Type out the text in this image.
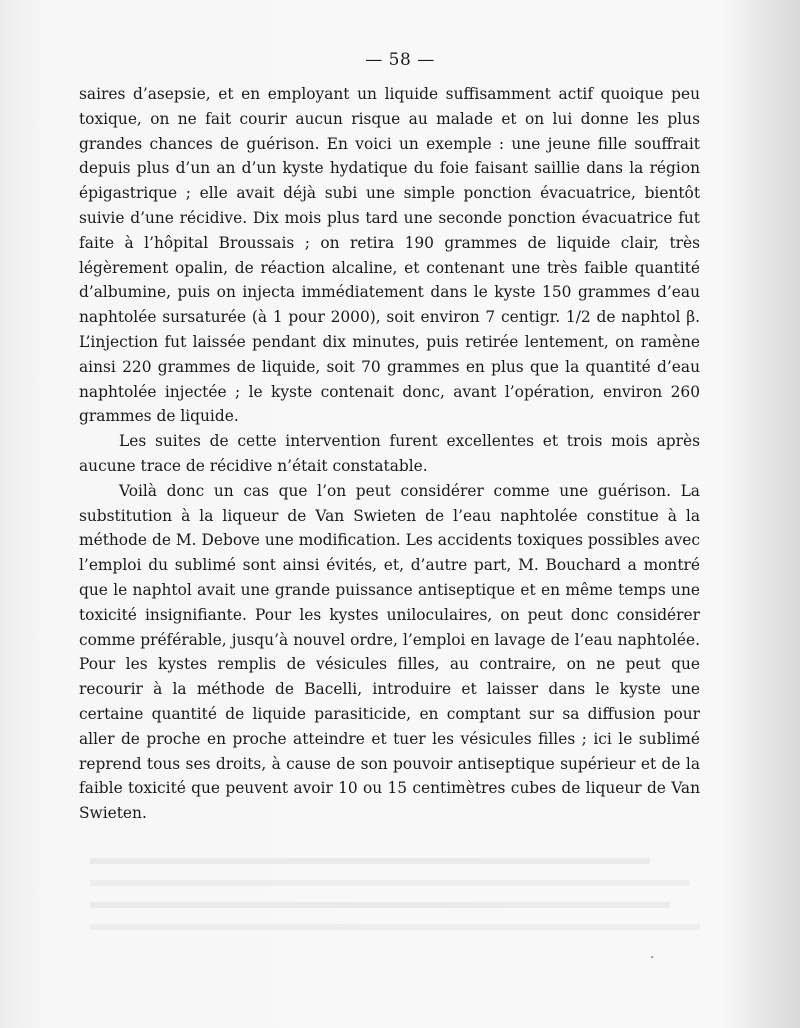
— 58 —

saires d’asepsie, et en employant un liquide suffisamment actif quoique peu toxique, on ne fait courir aucun risque au malade et on lui donne les plus grandes chances de guérison. En voici un exemple : une jeune fille souffrait depuis plus d’un an d’un kyste hydatique du foie faisant saillie dans la région épigastrique ; elle avait déjà subi une simple ponction évacuatrice, bientôt suivie d’une récidive. Dix mois plus tard une seconde ponction évacuatrice fut faite à l’hôpital Broussais ; on retira 190 grammes de liquide clair, très légèrement opalin, de réaction alcaline, et contenant une très faible quantité d’albumine, puis on injecta immédiatement dans le kyste 150 grammes d’eau naphtolée sursaturée (à 1 pour 2000), soit environ 7 centigr. 1/2 de naphtol β. L’injection fut laissée pendant dix minutes, puis retirée lentement, on ramène ainsi 220 grammes de liquide, soit 70 grammes en plus que la quantité d’eau naphtolée injectée ; le kyste contenait donc, avant l’opération, environ 260 grammes de liquide.

Les suites de cette intervention furent excellentes et trois mois après aucune trace de récidive n’était constatable.

Voilà donc un cas que l’on peut considérer comme une guérison. La substitution à la liqueur de Van Swieten de l’eau naphtolée constitue à la méthode de M. Debove une modification. Les accidents toxiques possibles avec l’emploi du sublimé sont ainsi évités, et, d’autre part, M. Bouchard a montré que le naphtol avait une grande puissance antiseptique et en même temps une toxicité insignifiante. Pour les kystes uniloculaires, on peut donc considérer comme préférable, jusqu’à nouvel ordre, l’emploi en lavage de l’eau naphtolée. Pour les kystes remplis de vésicules filles, au contraire, on ne peut que recourir à la méthode de Bacelli, introduire et laisser dans le kyste une certaine quantité de liquide parasiticide, en comptant sur sa diffusion pour aller de proche en proche atteindre et tuer les vésicules filles ; ici le sublimé reprend tous ses droits, à cause de son pouvoir antiseptique supérieur et de la faible toxicité que peuvent avoir 10 ou 15 centimètres cubes de liqueur de Van Swieten.

·
